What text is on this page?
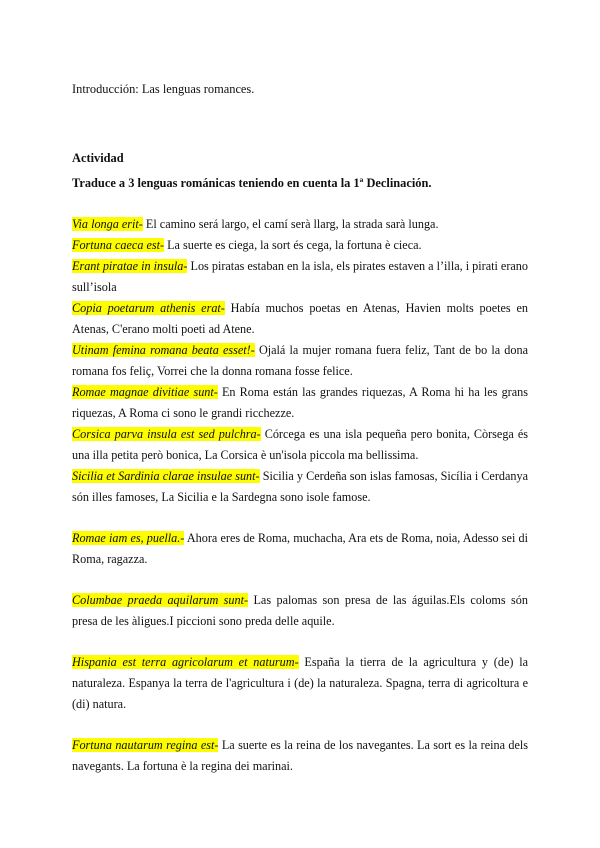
Introducción: Las lenguas romances.
Actividad
Traduce a 3 lenguas románicas teniendo en cuenta la 1ª Declinación.

Via longa erit- El camino será largo, el camí serà llarg, la strada sarà lunga.

Fortuna caeca est- La suerte es ciega, la sort és cega, la fortuna è cieca.

Erant piratae in insula- Los piratas estaban en la isla, els pirates estaven a l’illa, i pirati erano sull’isola

Copia poetarum athenis erat- Había muchos poetas en Atenas, Havien molts poetes en Atenas, C'erano molti poeti ad Atene.

Utinam femina romana beata esset!- Ojalá la mujer romana fuera feliz, Tant de bo la dona romana fos feliç, Vorrei che la donna romana fosse felice.

Romae magnae divitiae sunt- En Roma están las grandes riquezas, A Roma hi ha les grans riquezas, A Roma ci sono le grandi ricchezze.

Corsica parva insula est sed pulchra- Córcega es una isla pequeña pero bonita, Còrsega és una illa petita però bonica, La Corsica è un'isola piccola ma bellissima.

Sicilia et Sardinia clarae insulae sunt- Sicilia y Cerdeña son islas famosas, Sicília i Cerdanya són illes famoses, La Sicilia e la Sardegna sono isole famose.

Romae iam es, puella.- Ahora eres de Roma, muchacha, Ara ets de Roma, noia, Adesso sei di Roma, ragazza.

Columbae praeda aquilarum sunt- Las palomas son presa de las águilas.Els coloms són presa de les àligues.I piccioni sono preda delle aquile.

Hispania est terra agricolarum et naturum- España la tierra de la agricultura y (de) la naturaleza. Espanya la terra de l'agricultura i (de) la naturaleza. Spagna, terra di agricoltura e (di) natura.

Fortuna nautarum regina est- La suerte es la reina de los navegantes. La sort es la reina dels navegants. La fortuna è la regina dei marinai.
